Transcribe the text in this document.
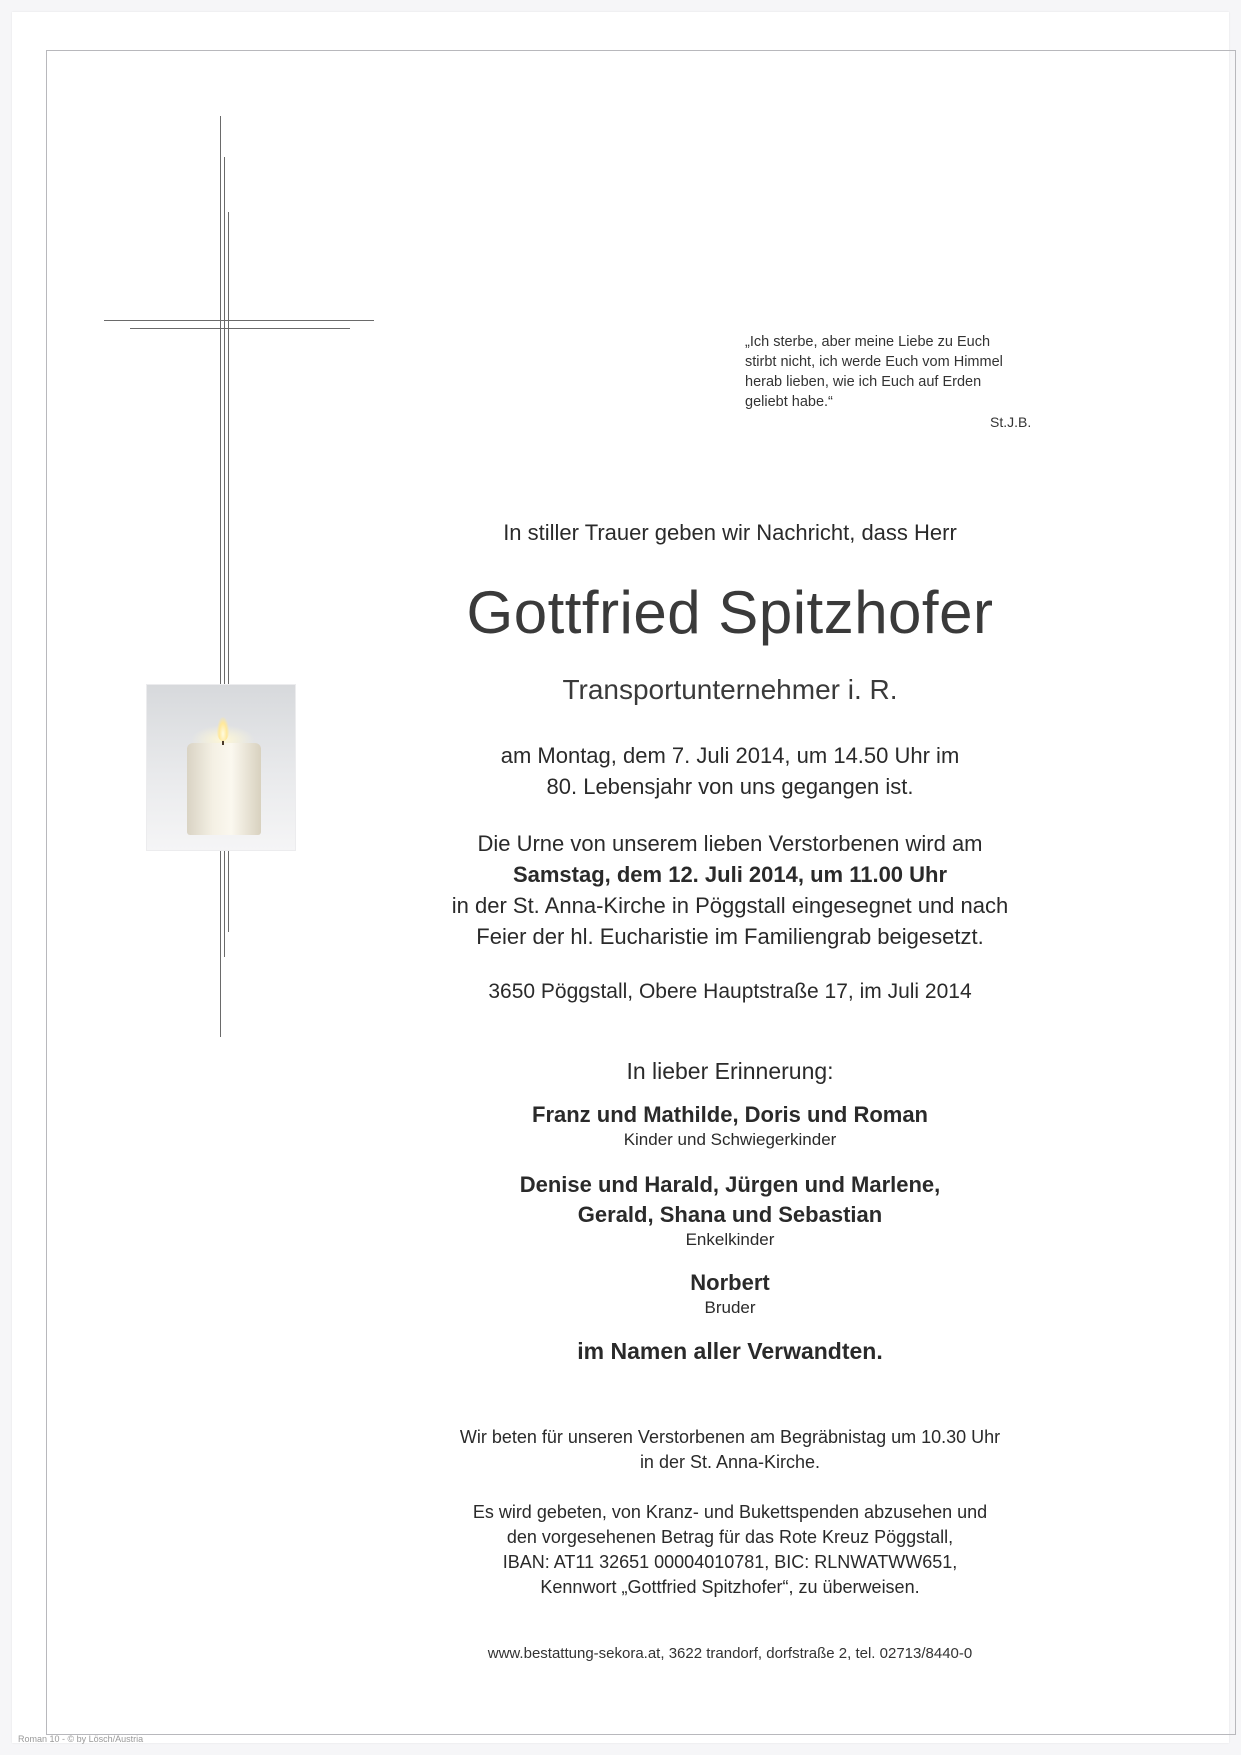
„Ich sterbe, aber meine Liebe zu Euch
stirbt nicht, ich werde Euch vom Himmel
herab lieben, wie ich Euch auf Erden
geliebt habe.“
St.J.B.
In stiller Trauer geben wir Nachricht, dass Herr
Gottfried Spitzhofer
Transportunternehmer i. R.
am Montag, dem 7. Juli 2014, um 14.50 Uhr im
80. Lebensjahr von uns gegangen ist.
Die Urne von unserem lieben Verstorbenen wird am
Samstag, dem 12. Juli 2014, um 11.00 Uhr
in der St. Anna-Kirche in Pöggstall eingesegnet und nach
Feier der hl. Eucharistie im Familiengrab beigesetzt.
3650 Pöggstall, Obere Hauptstraße 17, im Juli 2014
In lieber Erinnerung:
Franz und Mathilde, Doris und Roman
Kinder und Schwiegerkinder
Denise und Harald, Jürgen und Marlene,
Gerald, Shana und Sebastian
Enkelkinder
Norbert
Bruder
im Namen aller Verwandten.
Wir beten für unseren Verstorbenen am Begräbnistag um 10.30 Uhr
in der St. Anna-Kirche.
Es wird gebeten, von Kranz- und Bukettspenden abzusehen und
den vorgesehenen Betrag für das Rote Kreuz Pöggstall,
IBAN: AT11 32651 00004010781, BIC: RLNWATWW651,
Kennwort „Gottfried Spitzhofer“, zu überweisen.
www.bestattung-sekora.at, 3622 trandorf, dorfstraße 2, tel. 02713/8440-0
Roman 10 - © by Lösch/Austria
